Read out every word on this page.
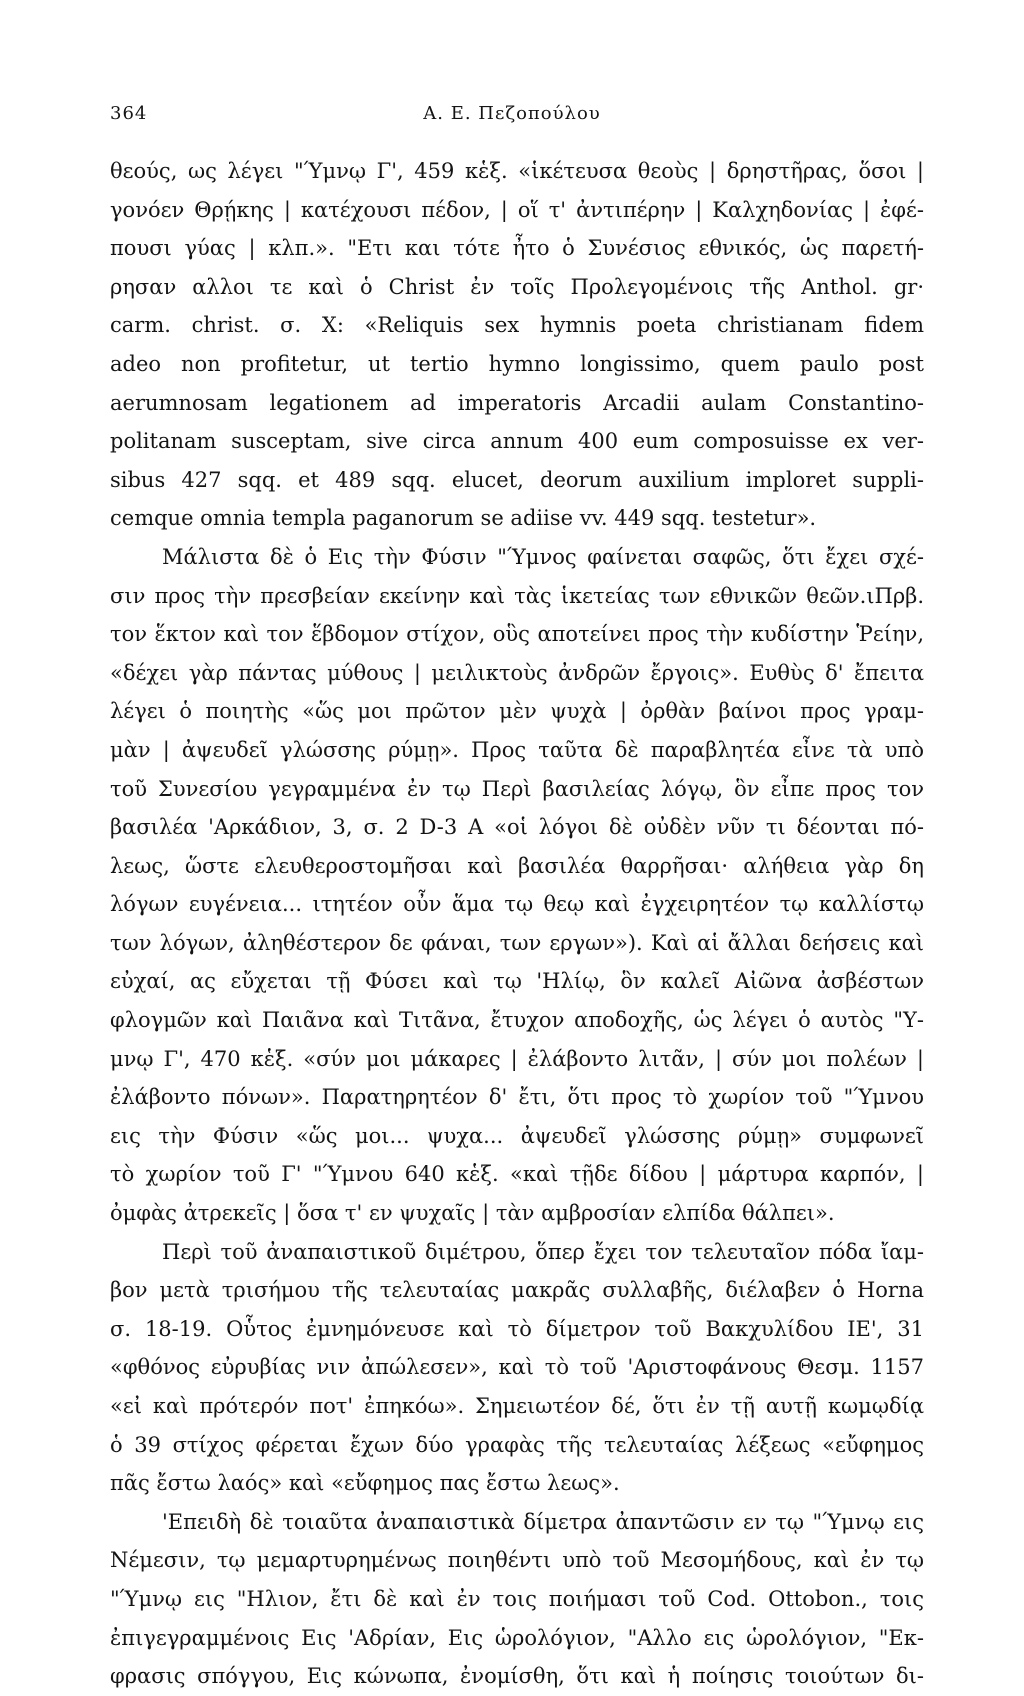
364	Α. Ε. Πεζοπούλου
θεούς, ως λέγει "Ύμνῳ Γ', 459 κἑξ. «ἱκέτευσα θεοὺς | δρηστῆρας, ὅσοι |
γονόεν Θρῄκης | κατέχουσι πέδον, | οἵ τ' ἀντιπέρην | Καλχηδονίας | ἐφέ-
πουσι γύας | κλπ.». "Ετι και τότε ἦτο ὁ Συνέσιος εθνικός, ὡς παρετή-
ρησαν αλλοι τε καὶ ὁ Christ ἐν τοῖς Προλεγομένοις τῆς Anthol. gr·
carm. christ. σ. X: «Reliquis sex hymnis poeta christianam fidem
adeo non profitetur, ut tertio hymno longissimo, quem paulo post
aerumnosam legationem ad imperatoris Arcadii aulam Constantino-
politanam susceptam, sive circa annum 400 eum composuisse ex ver-
sibus 427 sqq. et 489 sqq. elucet, deorum auxilium imploret suppli-
cemque omnia templa paganorum se adiise vv. 449 sqq. testetur».
Μάλιστα δὲ ὁ Εις τὴν Φύσιν "Ύμνος φαίνεται σαφῶς, ὅτι ἔχει σχέ-
σιν προς τὴν πρεσβείαν εκείνην καὶ τὰς ἱκετείας των εθνικῶν θεῶν.ιΠρβ.
τον ἕκτον καὶ τον ἕβδομον στίχον, οὓς αποτείνει προς τὴν κυδίστην Ῥείην,
«δέχει γὰρ πάντας μύθους | μειλικτοὺς ἀνδρῶν ἔργοις». Ευθὺς δ' ἔπειτα
λέγει ὁ ποιητὴς «ὥς μοι πρῶτον μὲν ψυχὰ | ὀρθὰν βαίνοι προς γραμ-
μὰν | ἀψευδεῖ γλώσσης ρύμῃ». Προς ταῦτα δὲ παραβλητέα εἶνε τὰ υπὸ
τοῦ Συνεσίου γεγραμμένα ἐν τῳ Περὶ βασιλείας λόγῳ, ὃν εἶπε προς τον
βασιλέα 'Αρκάδιον, 3, σ. 2 D-3 A «οἱ λόγοι δὲ οὐδὲν νῦν τι δέονται πό-
λεως, ὥστε ελευθεροστομῆσαι καὶ βασιλέα θαρρῆσαι· αλήθεια γὰρ δη
λόγων ευγένεια... ιτητέον οὖν ἅμα τῳ θεῳ καὶ ἐγχειρητέον τῳ καλλίστῳ
των λόγων, ἀληθέστερον δε φάναι, των εργων»). Καὶ αἱ ἄλλαι δεήσεις καὶ
εὐχαί, ας εὔχεται τῇ Φύσει καὶ τῳ 'Ηλίῳ, ὃν καλεῖ Αἰῶνα ἀσβέστων
φλογμῶν καὶ Παιᾶνα καὶ Τιτᾶνα, ἔτυχον αποδοχῆς, ὡς λέγει ὁ αυτὸς "Υ-
μνῳ Γ', 470 κἑξ. «σύν μοι μάκαρες | ἐλάβοντο λιτᾶν, | σύν μοι πολέων |
ἐλάβοντο πόνων». Παρατηρητέον δ' ἔτι, ὅτι προς τὸ χωρίον τοῦ "Ύμνου
εις τὴν Φύσιν «ὥς μοι... ψυχα... ἀψευδεῖ γλώσσης ρύμῃ» συμφωνεῖ
τὸ χωρίον τοῦ Γ' "Ύμνου 640 κἑξ. «καὶ τῇδε δίδου | μάρτυρα καρπόν, |
ὀμφὰς ἀτρεκεῖς | ὅσα τ' εν ψυχαῖς | τὰν αμβροσίαν ελπίδα θάλπει».
Περὶ τοῦ ἀναπαιστικοῦ διμέτρου, ὅπερ ἔχει τον τελευταῖον πόδα ἴαμ-
βον μετὰ τρισήμου τῆς τελευταίας μακρᾶς συλλαβῆς, διέλαβεν ὁ Horna
σ. 18-19. Οὗτος ἐμνημόνευσε καὶ τὸ δίμετρον τοῦ Βακχυλίδου ΙΕ', 31
«φθόνος εὐρυβίας νιν ἀπώλεσεν», καὶ τὸ τοῦ 'Αριστοφάνους Θεσμ. 1157
«εἰ καὶ πρότερόν ποτ' ἐπηκόω». Σημειωτέον δέ, ὅτι ἐν τῇ αυτῇ κωμῳδίᾳ
ὁ 39 στίχος φέρεται ἔχων δύο γραφὰς τῆς τελευταίας λέξεως «εὔφημος
πᾶς ἔστω λαός» καὶ «εὔφημος πας ἔστω λεως».
'Επειδὴ δὲ τοιαῦτα ἀναπαιστικὰ δίμετρα ἀπαντῶσιν εν τῳ "Ύμνῳ εις
Νέμεσιν, τῳ μεμαρτυρημένως ποιηθέντι υπὸ τοῦ Μεσομήδους, καὶ ἐν τῳ
"Ύμνῳ εις "Ηλιον, ἔτι δὲ καὶ ἐν τοις ποιήμασι τοῦ Cod. Ottobon., τοις
ἐπιγεγραμμένοις Εις 'Αδρίαν, Εις ὡρολόγιον, "Αλλο εις ὡρολόγιον, "Εκ-
φρασις σπόγγου, Εις κώνωπα, ἐνομίσθη, ὅτι καὶ ἡ ποίησις τοιούτων δι-
